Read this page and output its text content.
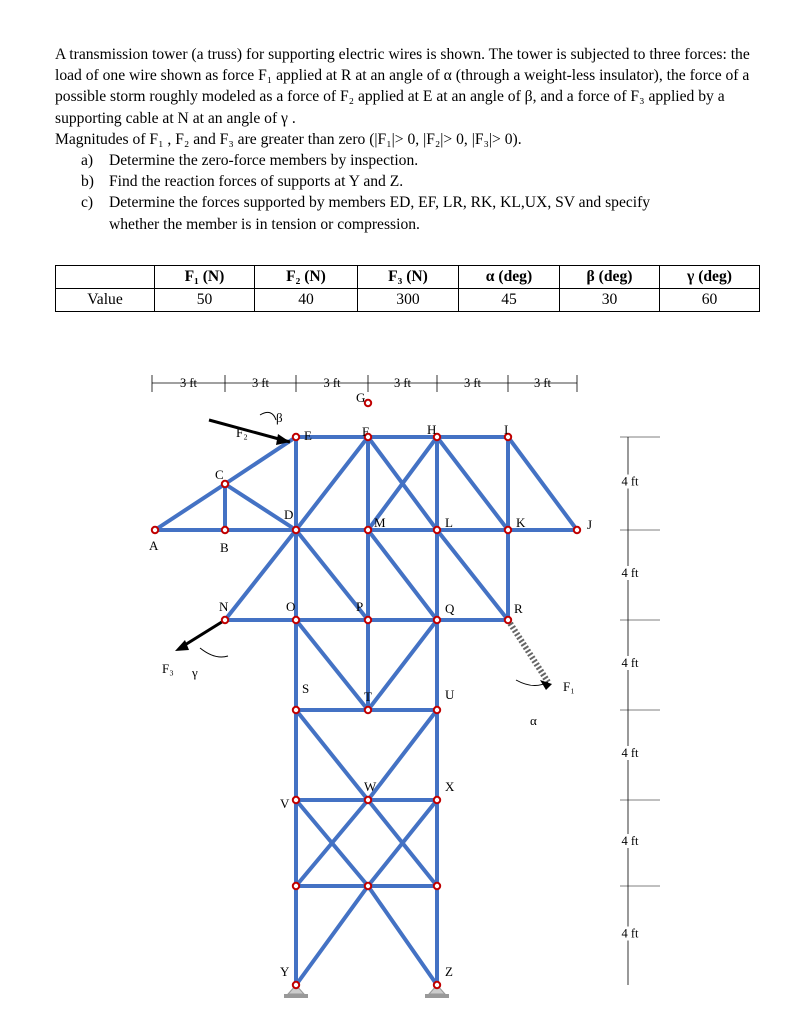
A transmission tower (a truss) for supporting electric wires is shown. The tower is subjected to three forces: the load of one wire shown as force F₁ applied at R at an angle of α (through a weight-less insulator), the force of a possible storm roughly modeled as a force of F₂ applied at E at an angle of β, and a force of F₃ applied by a supporting cable at N at an angle of γ .

Magnitudes of F₁ , F₂ and F₃ are greater than zero (|F₁|> 0, |F₂|> 0, |F₃|> 0).

a) Determine the zero-force members by inspection.
b) Find the reaction forces of supports at Y and Z.
c) Determine the forces supported by members ED, EF, LR, RK, KL,UX, SV and specify
whether the member is in tension or compression.
	F₁ (N)	F₂ (N)	F₃ (N)	α (deg)	β (deg)	γ (deg)
Value	50	40	300	45	30	60
3 ft	3 ft	3 ft	3 ft	3 ft	3 ft
4 ft
4 ft
4 ft
4 ft
4 ft
4 ft
A	B
C
D
E	F
G
H	I
J
K
L
M
N	O	P	Q	R
S
T	U
V
W	X
Y	Z
F₁
F₂
F₃
α
β
γ
